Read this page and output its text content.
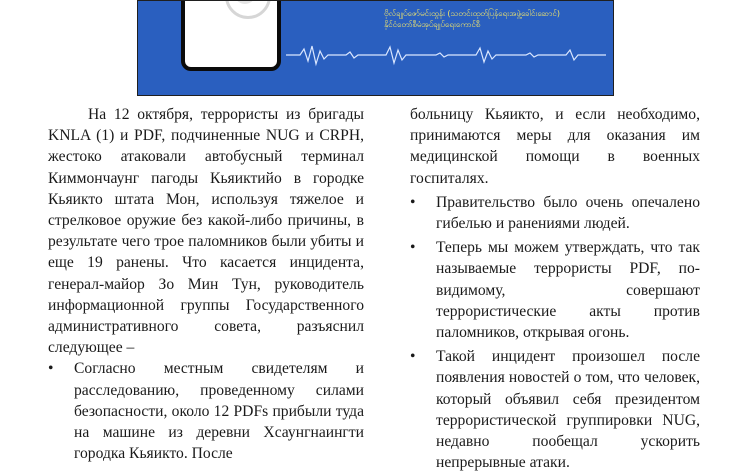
ဗိုလ်ချုပ်ဇော်မင်းထွန်း (သတင်းထုတ်ပြန်ရေးအဖွဲ့ခေါင်းဆောင်)
နိုင်ငံတော်စီမံအုပ်ချုပ်ရေးကောင်စီ

На 12 октября, террористы из бригады KNLA (1) и PDF, подчиненные NUG и CRPH, жестоко атаковали автобусный терминал Киммончаунг пагоды Кьяиктийо в городке Кьяикто штата Мон, используя тяжелое и стрелковое оружие без какой-либо причины, в результате чего трое паломников были убиты и еще 19 ранены. Что касается инцидента, генерал-майор Зо Мин Тун, руководитель информационной группы Государственного административного совета, разъяснил следующее –

• Согласно местным свидетелям и расследованию, проведенному силами безопасности, около 12 PDFs прибыли туда на машине из деревни Хсаунгнаингти городка Кьяикто. После

больницу Кьяикто, и если необходимо, принимаются меры для оказания им медицинской помощи в военных госпиталях.

• Правительство было очень опечалено гибелью и ранениями людей.
• Теперь мы можем утверждать, что так называемые террористы PDF, по-видимому, совершают террористические акты против паломников, открывая огонь.
• Такой инцидент произошел после появления новостей о том, что человек, который объявил себя президентом террористической группировки NUG, недавно пообещал ускорить непрерывные атаки.
